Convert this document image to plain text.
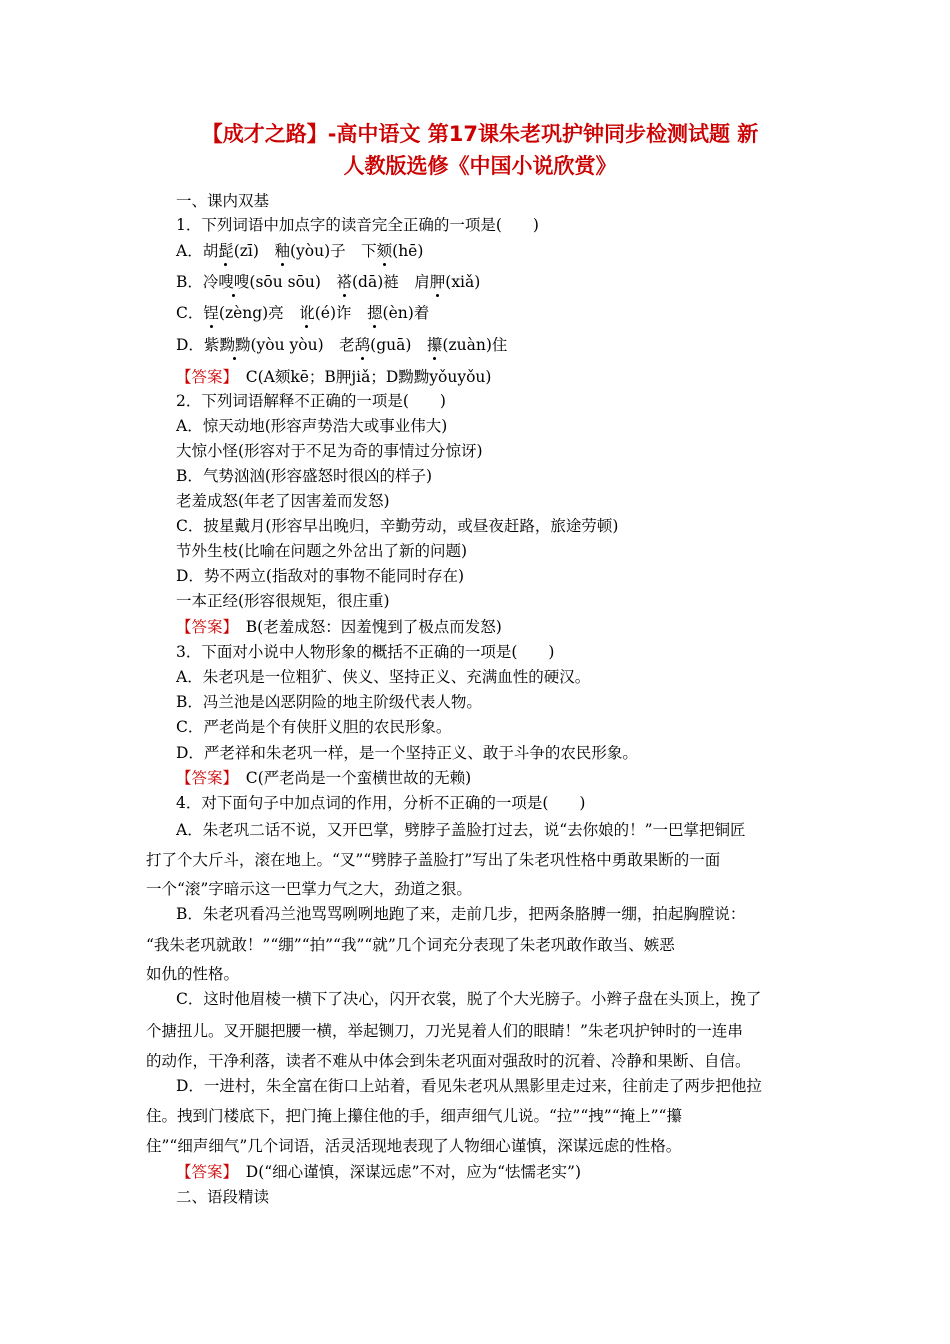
【成才之路】-高中语文 第17课朱老巩护钟同步检测试题 新
人教版选修《中国小说欣赏》
一、课内双基
1．下列词语中加点字的读音完全正确的一项是(　　)
A．胡髭(zī)　釉(yòu)子　下颏(hē)
B．冷嗖嗖(sōu sōu)　褡(dā)裢　肩胛(xiǎ)
C．锃(zèng)亮　讹(é)诈　摁(èn)着
D．紫黝黝(yòu yòu)　老鸹(guā)　攥(zuàn)住
【答案】　C(A颏kē；B胛jiǎ；D黝黝yǒuyǒu)
2．下列词语解释不正确的一项是(　　)
A．惊天动地(形容声势浩大或事业伟大)
大惊小怪(形容对于不足为奇的事情过分惊讶)
B．气势汹汹(形容盛怒时很凶的样子)
老羞成怒(年老了因害羞而发怒)
C．披星戴月(形容早出晚归，辛勤劳动，或昼夜赶路，旅途劳顿)
节外生枝(比喻在问题之外岔出了新的问题)
D．势不两立(指敌对的事物不能同时存在)
一本正经(形容很规矩，很庄重)
【答案】　B(老羞成怒：因羞愧到了极点而发怒)
3．下面对小说中人物形象的概括不正确的一项是(　　)
A．朱老巩是一位粗犷、侠义、坚持正义、充满血性的硬汉。
B．冯兰池是凶恶阴险的地主阶级代表人物。
C．严老尚是个有侠肝义胆的农民形象。
D．严老祥和朱老巩一样，是一个坚持正义、敢于斗争的农民形象。
【答案】　C(严老尚是一个蛮横世故的无赖)
4．对下面句子中加点词的作用，分析不正确的一项是(　　)
A．朱老巩二话不说，又开巴掌，劈脖子盖脸打过去，说“去你娘的！”一巴掌把铜匠
打了个大斤斗，滚在地上。“叉”“劈脖子盖脸打”写出了朱老巩性格中勇敢果断的一面
一个“滚”字暗示这一巴掌力气之大，劲道之狠。
B．朱老巩看冯兰池骂骂咧咧地跑了来，走前几步，把两条胳膊一绷，拍起胸膛说：
“我朱老巩就敢！”“绷”“拍”“我”“就”几个词充分表现了朱老巩敢作敢当、嫉恶
如仇的性格。
C．这时他眉棱一横下了决心，闪开衣裳，脱了个大光膀子。小辫子盘在头顶上，挽了
个搪扭儿。叉开腿把腰一横，举起铡刀，刀光晃着人们的眼睛！”朱老巩护钟时的一连串
的动作，干净利落，读者不难从中体会到朱老巩面对强敌时的沉着、冷静和果断、自信。
D．一进村，朱全富在街口上站着，看见朱老巩从黑影里走过来，往前走了两步把他拉
住。拽到门楼底下，把门掩上攥住他的手，细声细气儿说。“拉”“拽”“掩上”“攥
住”“细声细气”几个词语，活灵活现地表现了人物细心谨慎，深谋远虑的性格。
【答案】　D(“细心谨慎，深谋远虑”不对，应为“怯懦老实”)
二、语段精读
